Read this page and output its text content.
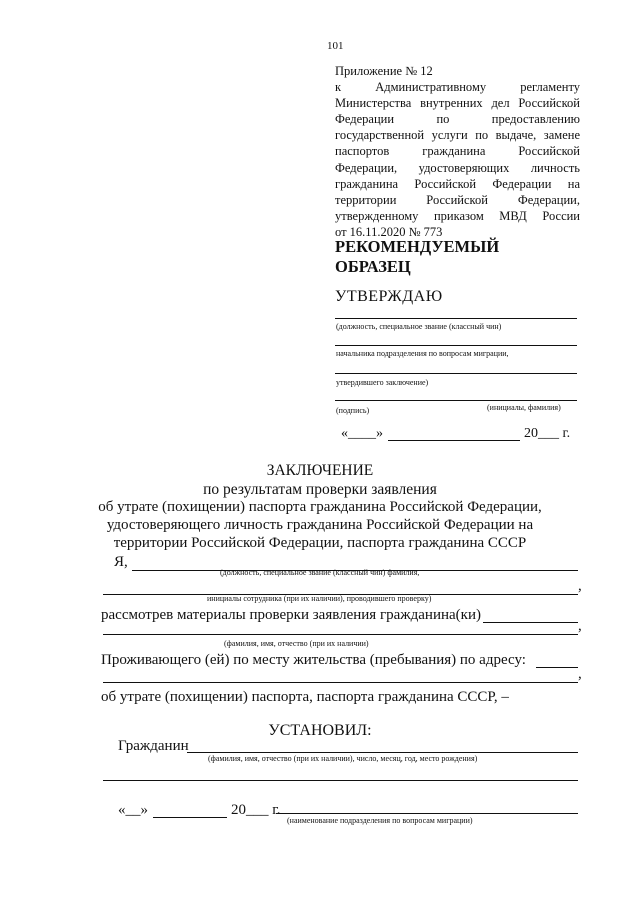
101
Приложение № 12
к Административному регламенту
Министерства внутренних дел Российской
Федерации по предоставлению
государственной услуги по выдаче, замене
паспортов гражданина Российской
Федерации, удостоверяющих личность
гражданина Российской Федерации на
территории Российской Федерации,
утвержденному приказом МВД России
от 16.11.2020 № 773
РЕКОМЕНДУЕМЫЙ
ОБРАЗЕЦ
УТВЕРЖДАЮ
(должность, специальное звание (классный чин)
начальника подразделения по вопросам миграции,
утвердившего заключение)
(подпись)	(инициалы, фамилия)
«____»	20___ г.
ЗАКЛЮЧЕНИЕ
по результатам проверки заявления
об утрате (похищении) паспорта гражданина Российской Федерации,
удостоверяющего личность гражданина Российской Федерации на
территории Российской Федерации, паспорта гражданина СССР
Я,
(должность, специальное звание (классный чин) фамилия,
,
инициалы сотрудника (при их наличии), проводившего проверку)
рассмотрев материалы проверки заявления гражданина(ки)
,
(фамилия, имя, отчество (при их наличии)
Проживающего (ей) по месту жительства (пребывания) по адресу:
,
об утрате (похищении) паспорта, паспорта гражданина СССР, –
УСТАНОВИЛ:
Гражданин
(фамилия, имя, отчество (при их наличии), число, месяц, год, место рождения)
«__»	20___ г.
(наименование подразделения по вопросам миграции)
